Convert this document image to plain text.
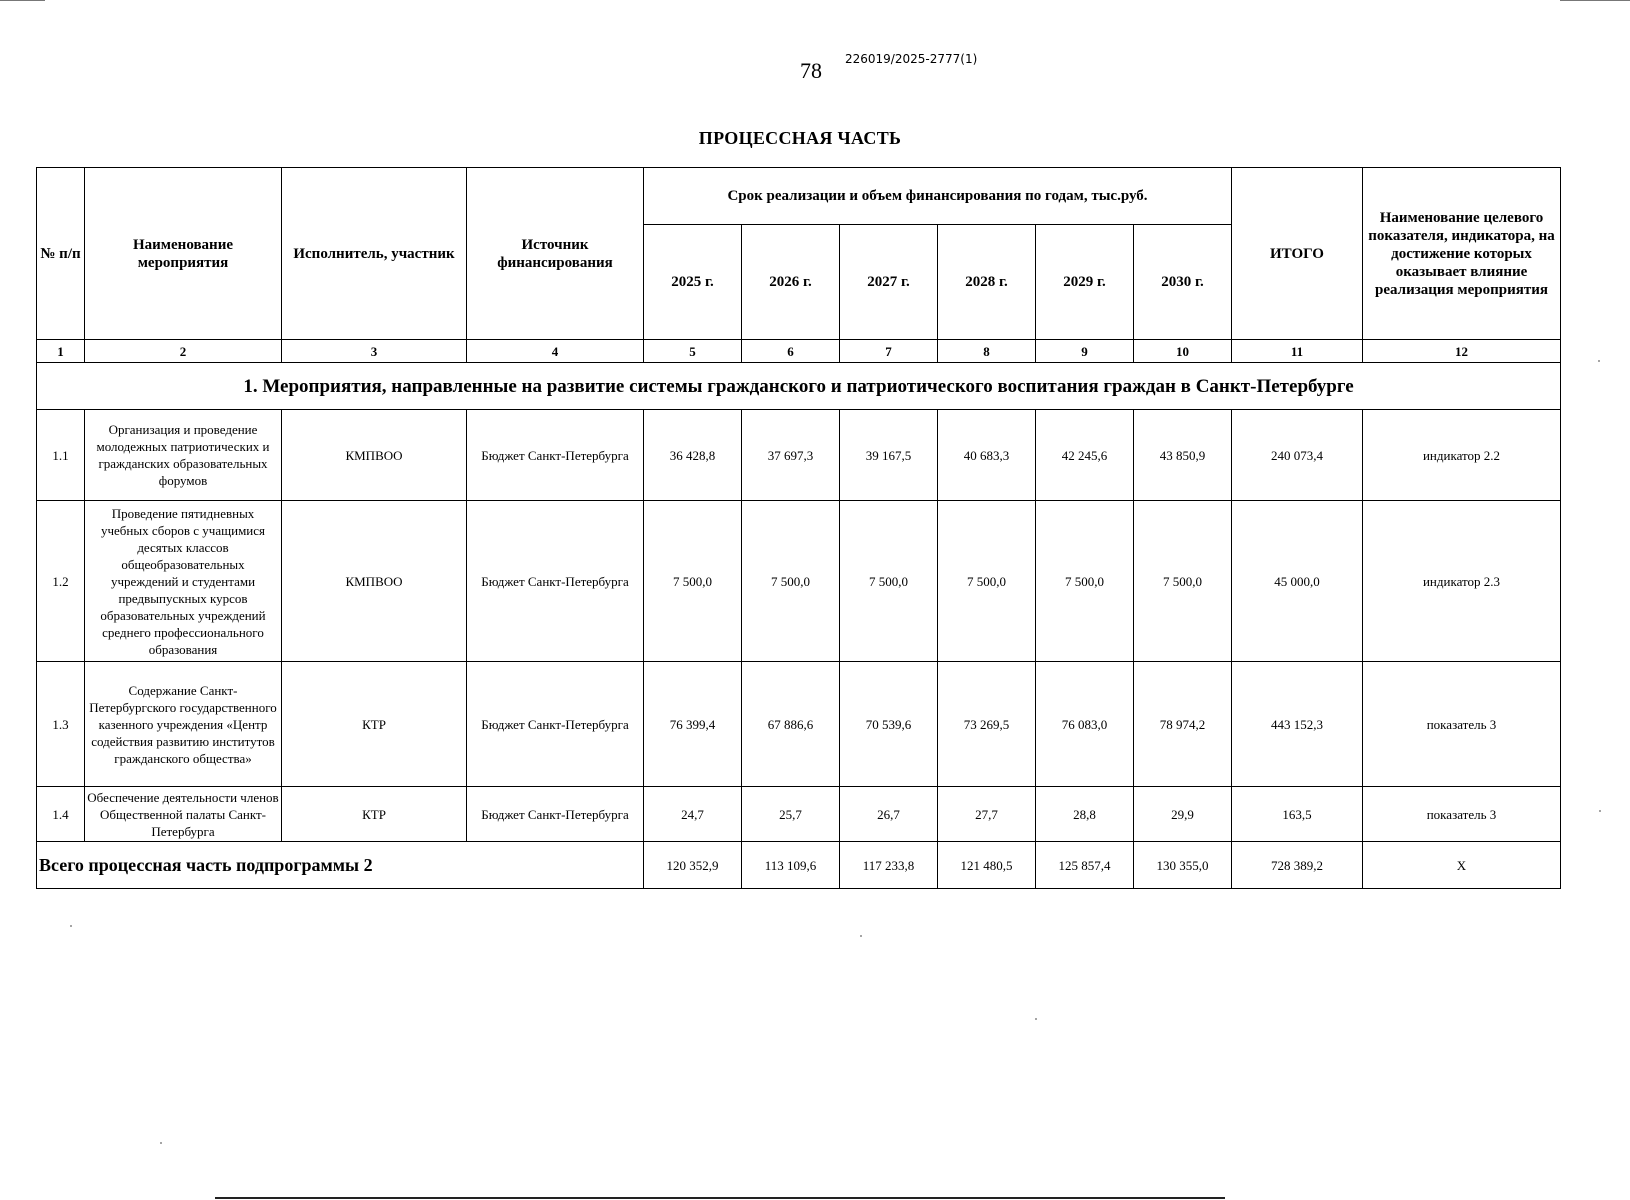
78 226019/2025-2777(1)
ПРОЦЕССНАЯ ЧАСТЬ
№ п/п	Наименование мероприятия	Исполнитель, участник	Источник финансирования	Срок реализации и объем финансирования по годам, тыс.руб.						ИТОГО	Наименование целевого показателя, индикатора, на достижение которых оказывает влияние реализация мероприятия
				2025 г.	2026 г.	2027 г.	2028 г.	2029 г.	2030 г.		
1	2	3	4	5	6	7	8	9	10	11	12
1. Мероприятия, направленные на развитие системы гражданского и патриотического воспитания граждан в Санкт-Петербурге											
1.1	Организация и проведение молодежных патриотических и гражданских образовательных форумов	КМПВОО	Бюджет Санкт-Петербурга	36 428,8	37 697,3	39 167,5	40 683,3	42 245,6	43 850,9	240 073,4	индикатор 2.2
1.2	Проведение пятидневных учебных сборов с учащимися десятых классов общеобразовательных учреждений и студентами предвыпускных курсов образовательных учреждений среднего профессионального образования	КМПВОО	Бюджет Санкт-Петербурга	7 500,0	7 500,0	7 500,0	7 500,0	7 500,0	7 500,0	45 000,0	индикатор 2.3
1.3	Содержание Санкт-Петербургского государственного казенного учреждения «Центр содействия развитию институтов гражданского общества»	КТР	Бюджет Санкт-Петербурга	76 399,4	67 886,6	70 539,6	73 269,5	76 083,0	78 974,2	443 152,3	показатель 3
1.4	Обеспечение деятельности членов Общественной палаты Санкт-Петербурга	КТР	Бюджет Санкт-Петербурга	24,7	25,7	26,7	27,7	28,8	29,9	163,5	показатель 3
Всего процессная часть подпрограммы 2				120 352,9	113 109,6	117 233,8	121 480,5	125 857,4	130 355,0	728 389,2	Х
